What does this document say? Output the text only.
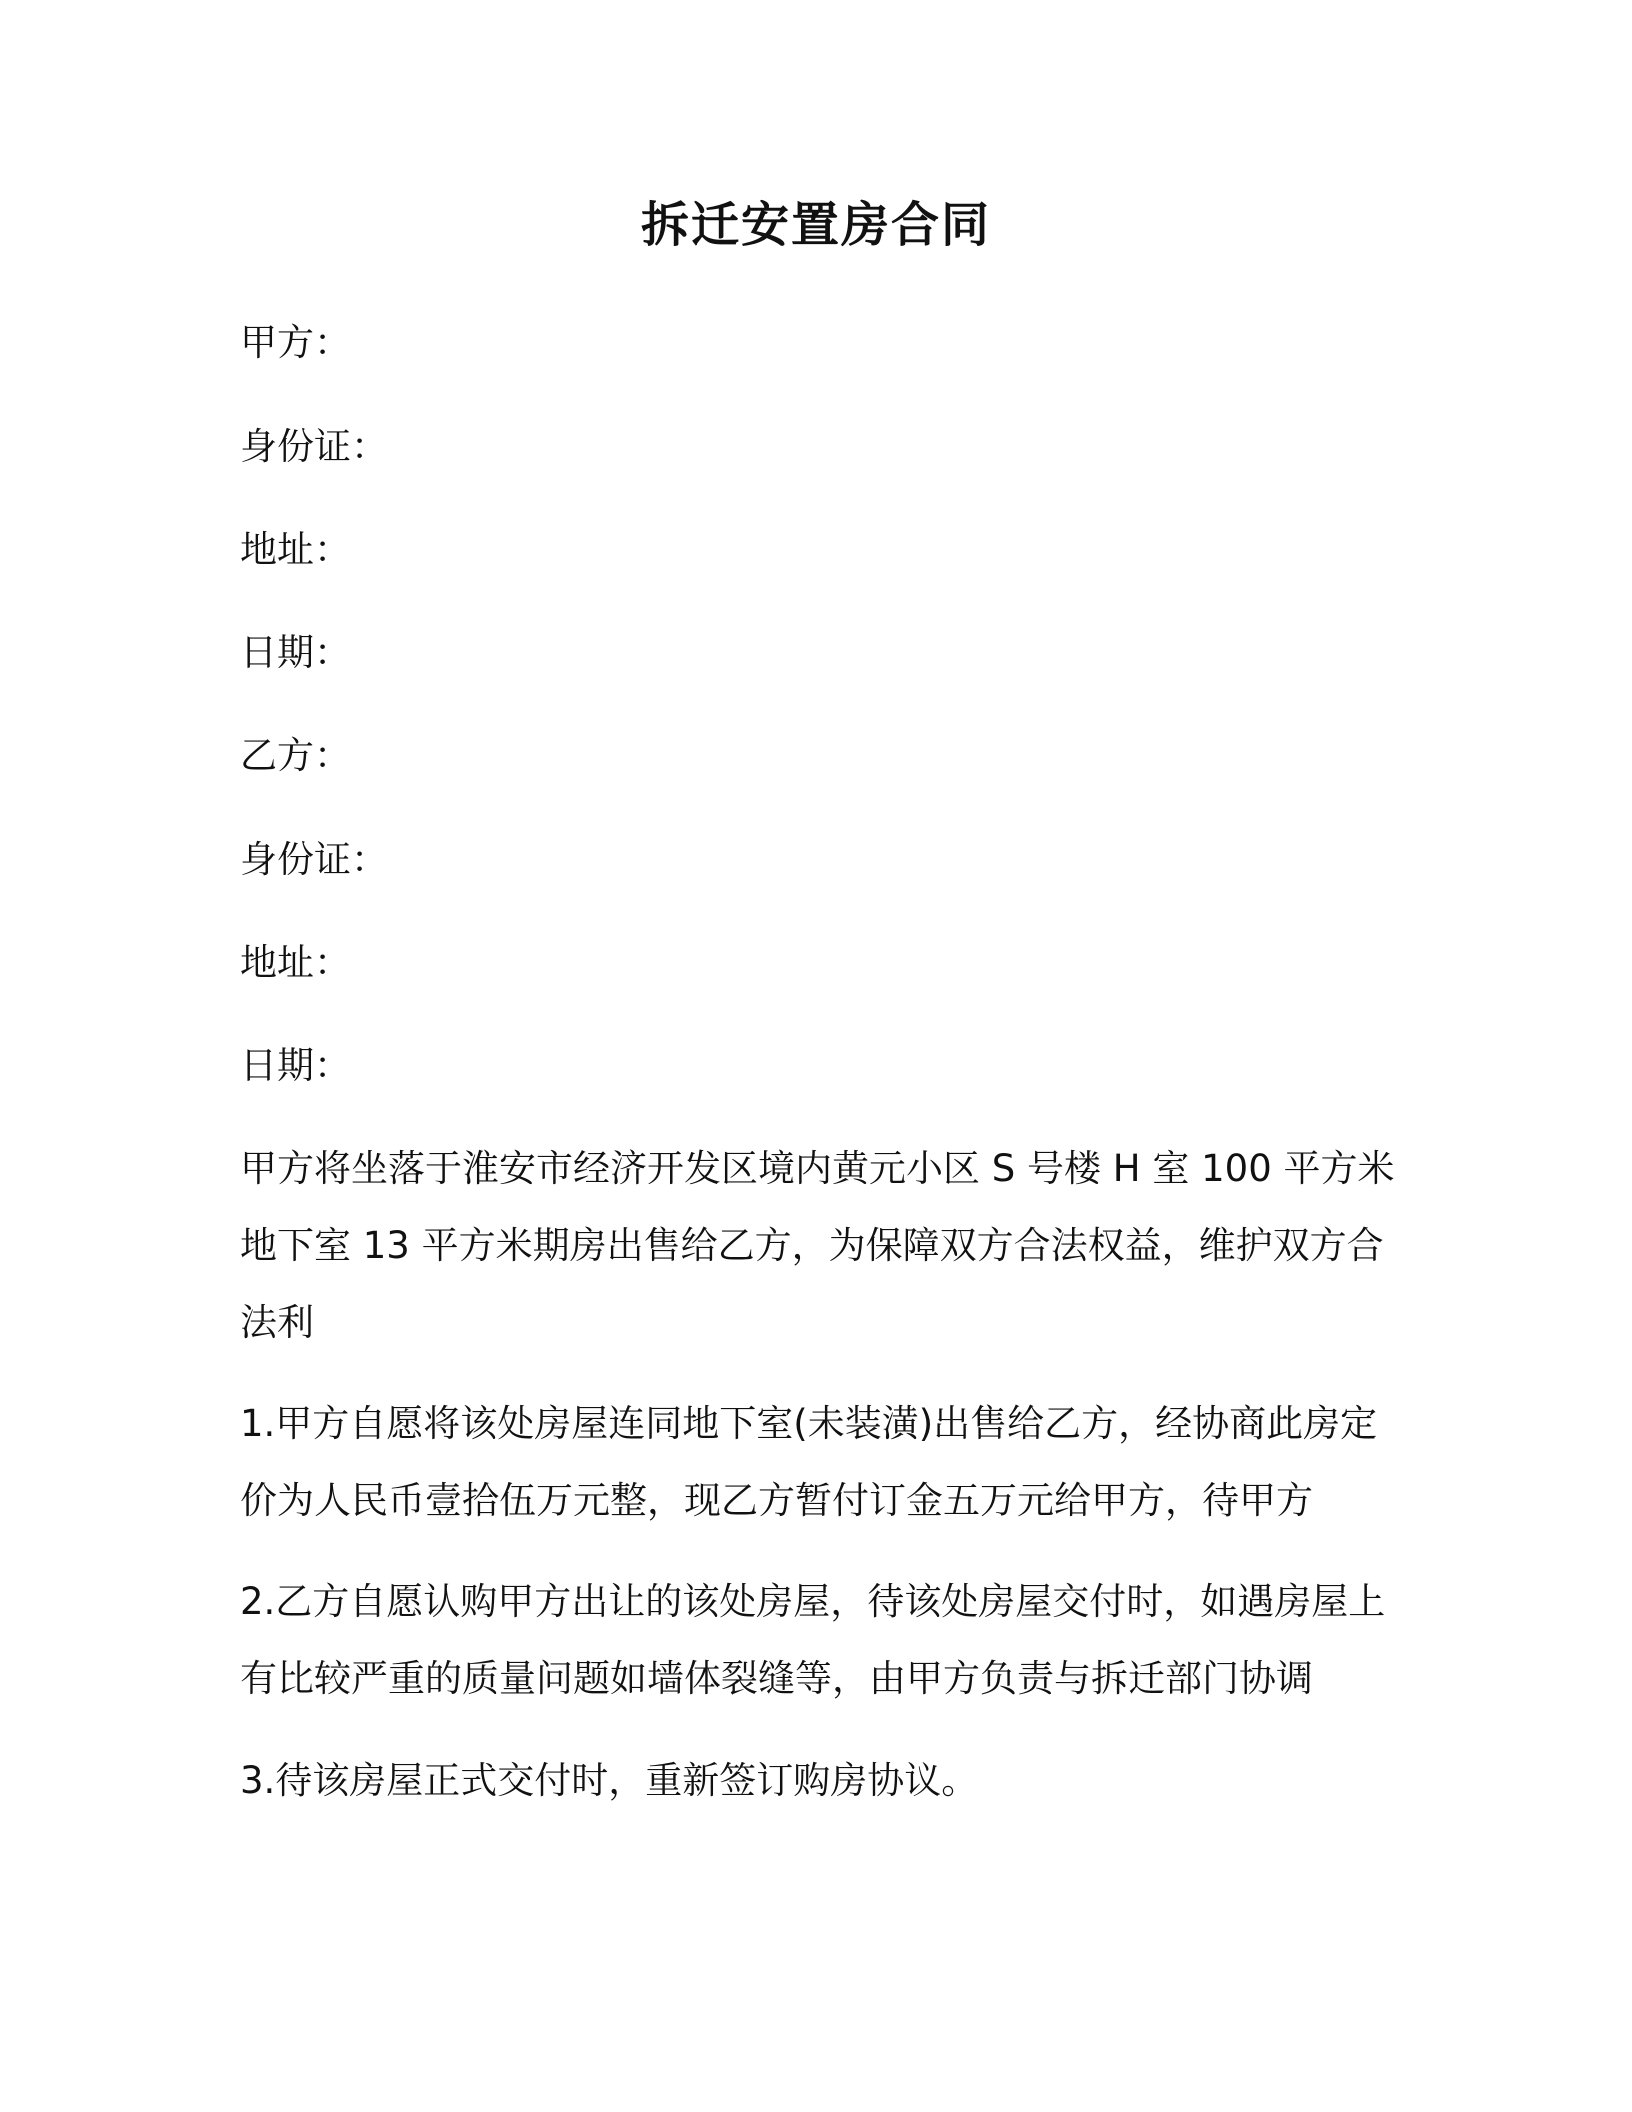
拆迁安置房合同

甲方：

身份证：

地址：

日期：

乙方：

身份证：

地址：

日期：

甲方将坐落于淮安市经济开发区境内黄元小区 S 号楼 H 室 100 平方米地下室 13 平方米期房出售给乙方，为保障双方合法权益，维护双方合法利

1.甲方自愿将该处房屋连同地下室(未装潢)出售给乙方，经协商此房定价为人民币壹拾伍万元整，现乙方暂付订金五万元给甲方，待甲方

2.乙方自愿认购甲方出让的该处房屋，待该处房屋交付时，如遇房屋上有比较严重的质量问题如墙体裂缝等，由甲方负责与拆迁部门协调

3.待该房屋正式交付时，重新签订购房协议。
